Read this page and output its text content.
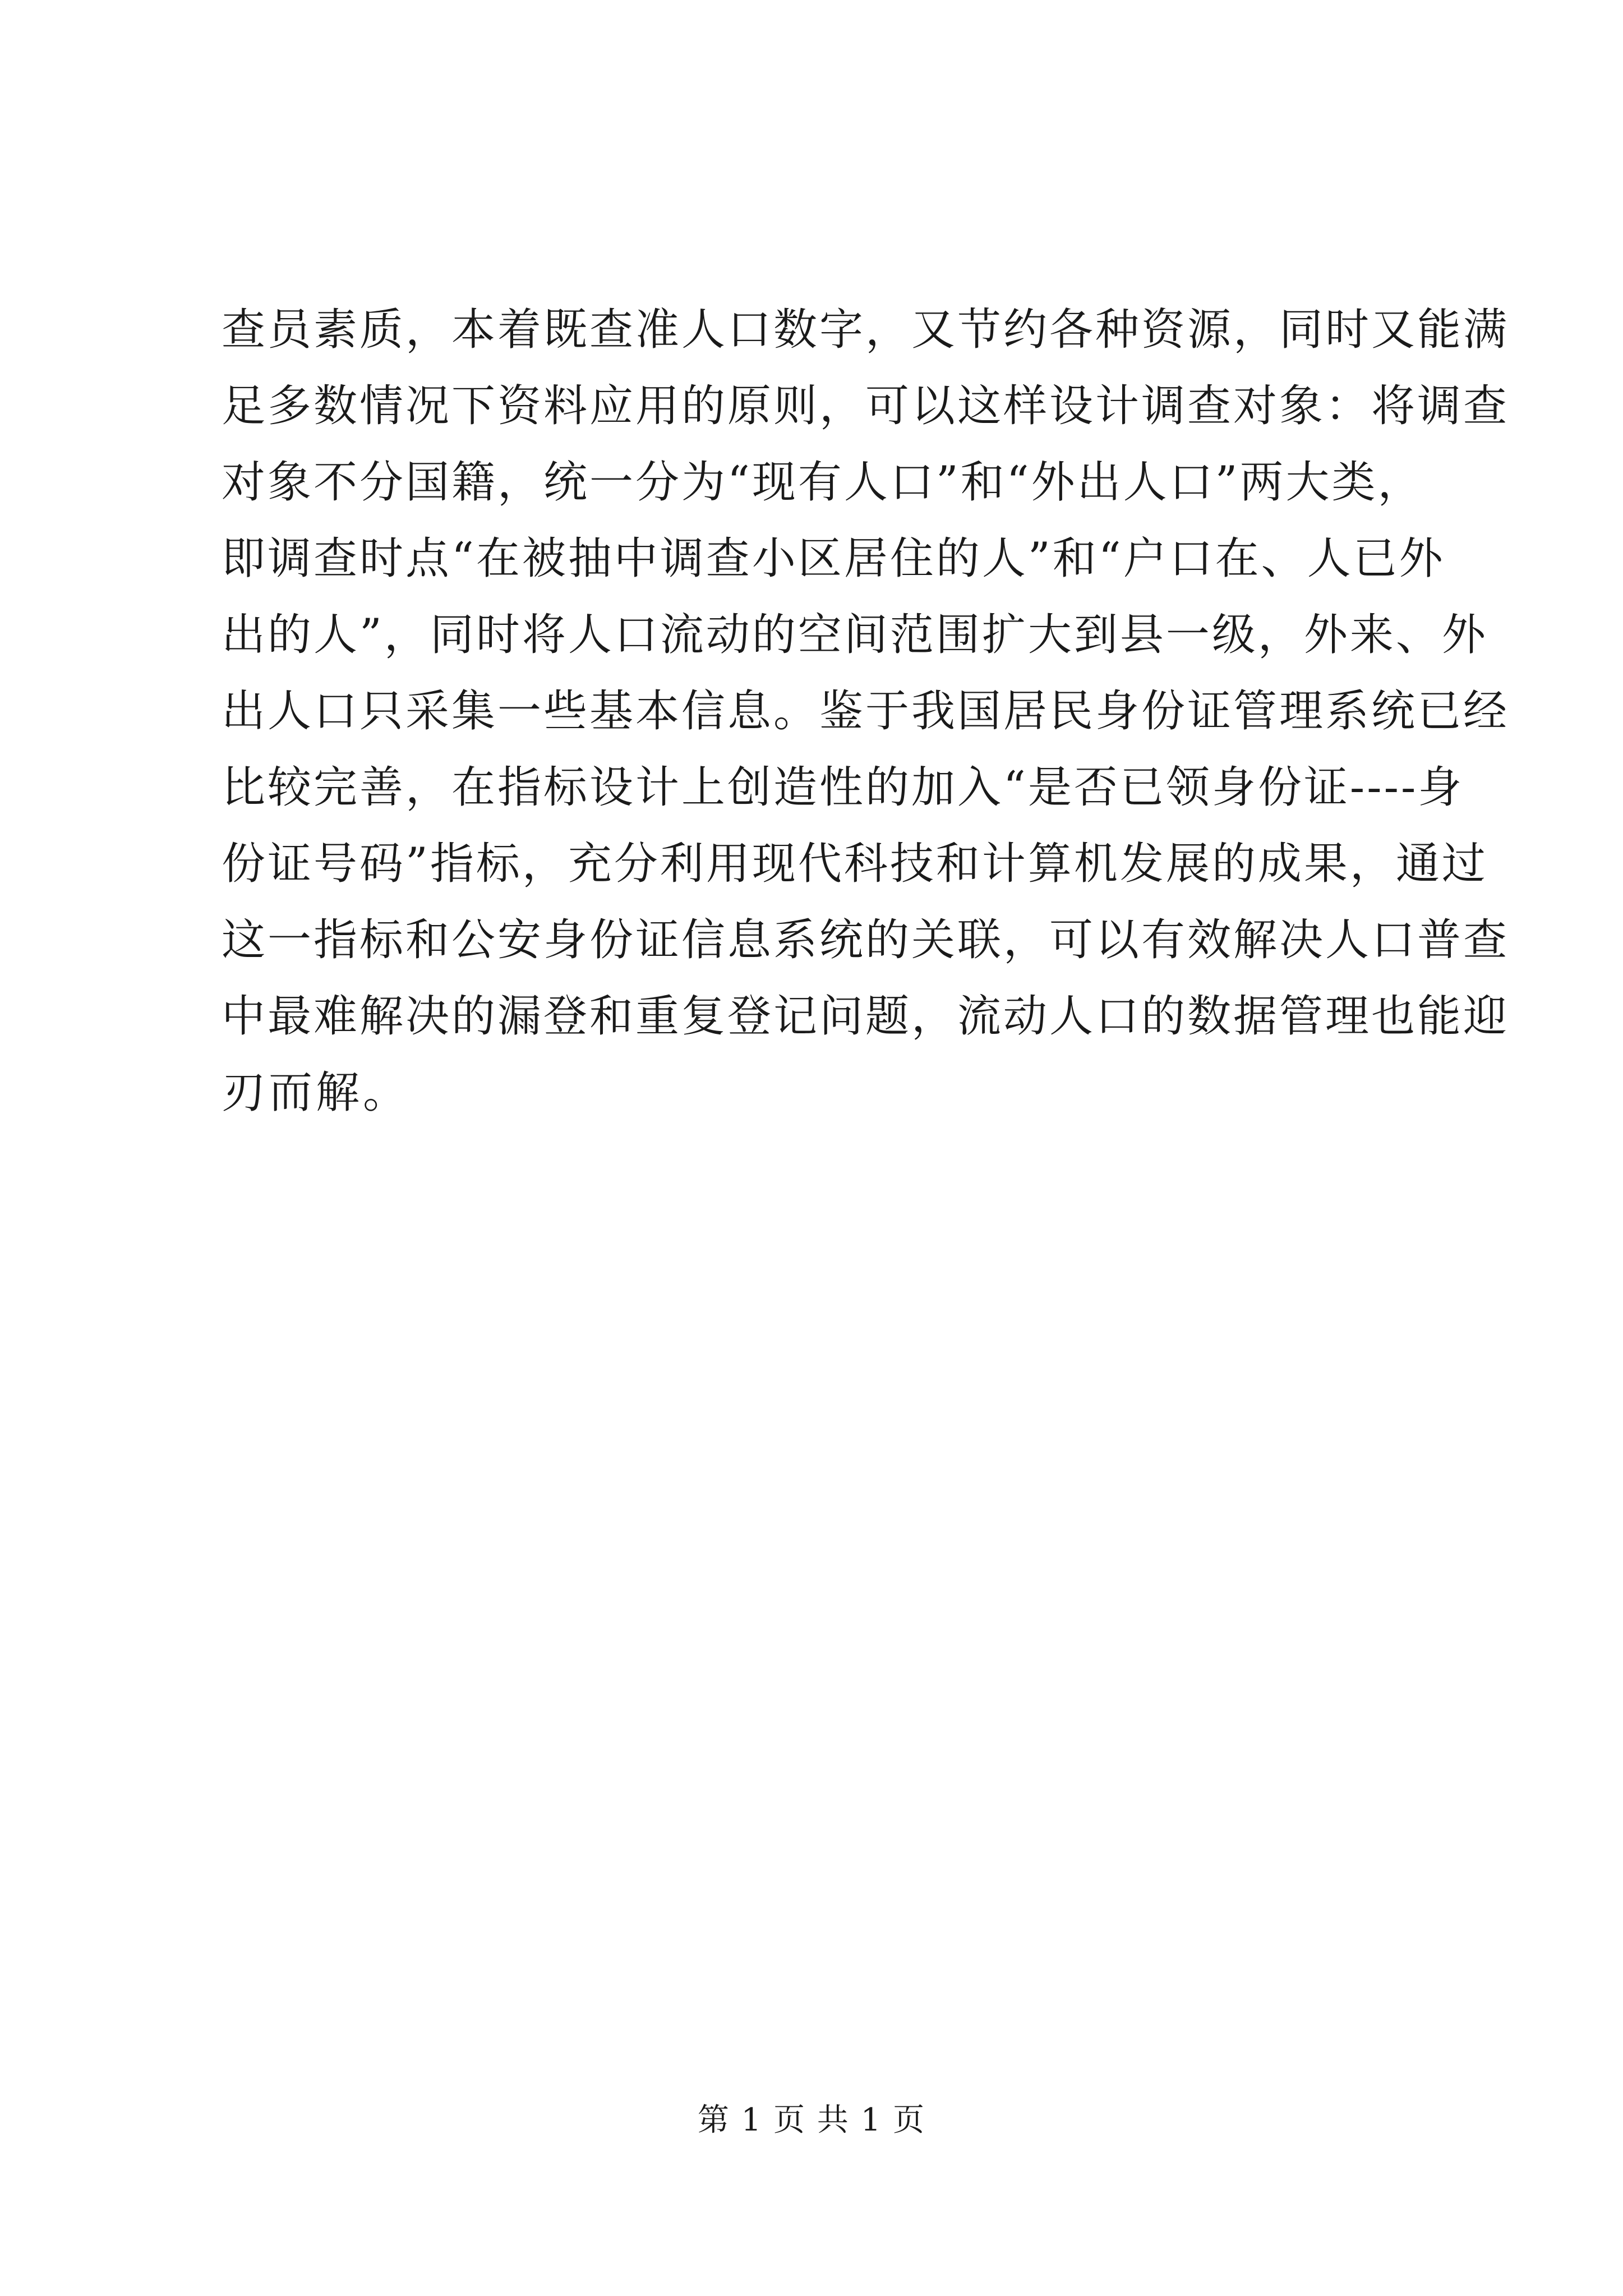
查员素质，本着既查准人口数字，又节约各种资源，同时又能满
足多数情况下资料应用的原则，可以这样设计调查对象：将调查
对象不分国籍，统一分为“现有人口”和“外出人口”两大类，
即调查时点“在被抽中调查小区居住的人”和“户口在、人已外
出的人”，同时将人口流动的空间范围扩大到县一级，外来、外
出人口只采集一些基本信息。鉴于我国居民身份证管理系统已经
比较完善，在指标设计上创造性的加入“是否已领身份证----身
份证号码”指标，充分利用现代科技和计算机发展的成果，通过
这一指标和公安身份证信息系统的关联，可以有效解决人口普查
中最难解决的漏登和重复登记问题，流动人口的数据管理也能迎
刃而解。
第 1 页 共 1 页
